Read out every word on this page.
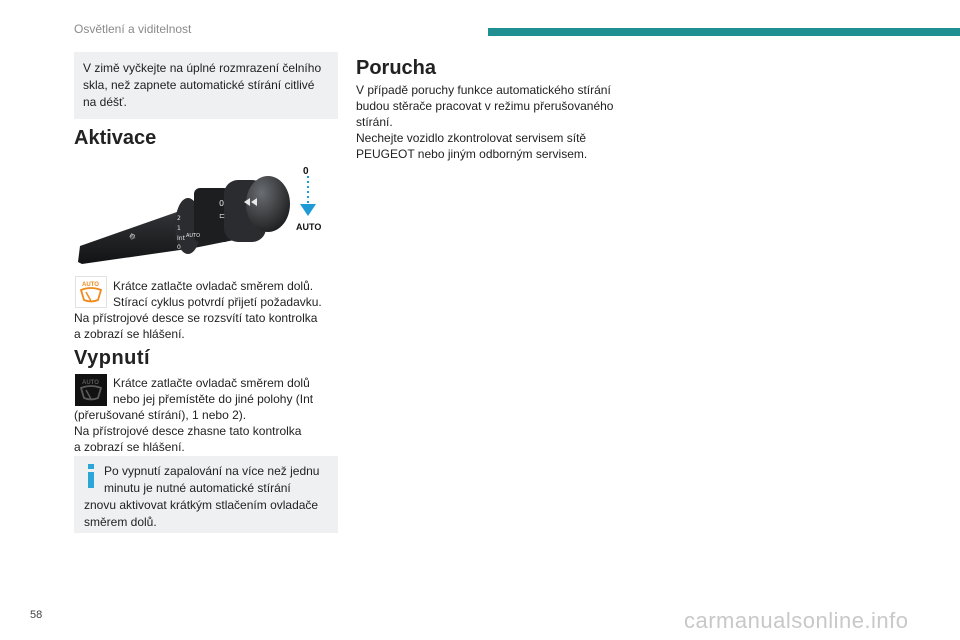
Osvětlení a viditelnost
V zimě vyčkejte na úplné rozmrazení čelního skla, než zapnete automatické stírání citlivé na déšť.
Aktivace
⟰
2
1
Int
0
AUTO
0
⊏
0
AUTO
AUTO Krátce zatlačte ovladač směrem dolů.

Stírací cyklus potvrdí přijetí požadavku.

Na přístrojové desce se rozsvítí tato kontrolka

a zobrazí se hlášení.

Vypnutí
AUTO Krátce zatlačte ovladač směrem dolů

nebo jej přemístěte do jiné polohy (Int

(přerušované stírání), 1 nebo 2).

Na přístrojové desce zhasne tato kontrolka

a zobrazí se hlášení.

Po vypnutí zapalování na více než jednu
minutu je nutné automatické stírání
znovu aktivovat krátkým stlačením ovladače
směrem dolů.

Porucha

V případě poruchy funkce automatického stírání

budou stěrače pracovat v režimu přerušovaného

stírání.

Nechejte vozidlo zkontrolovat servisem sítě

PEUGEOT nebo jiným odborným servisem.

58	carmanualsonline.info
